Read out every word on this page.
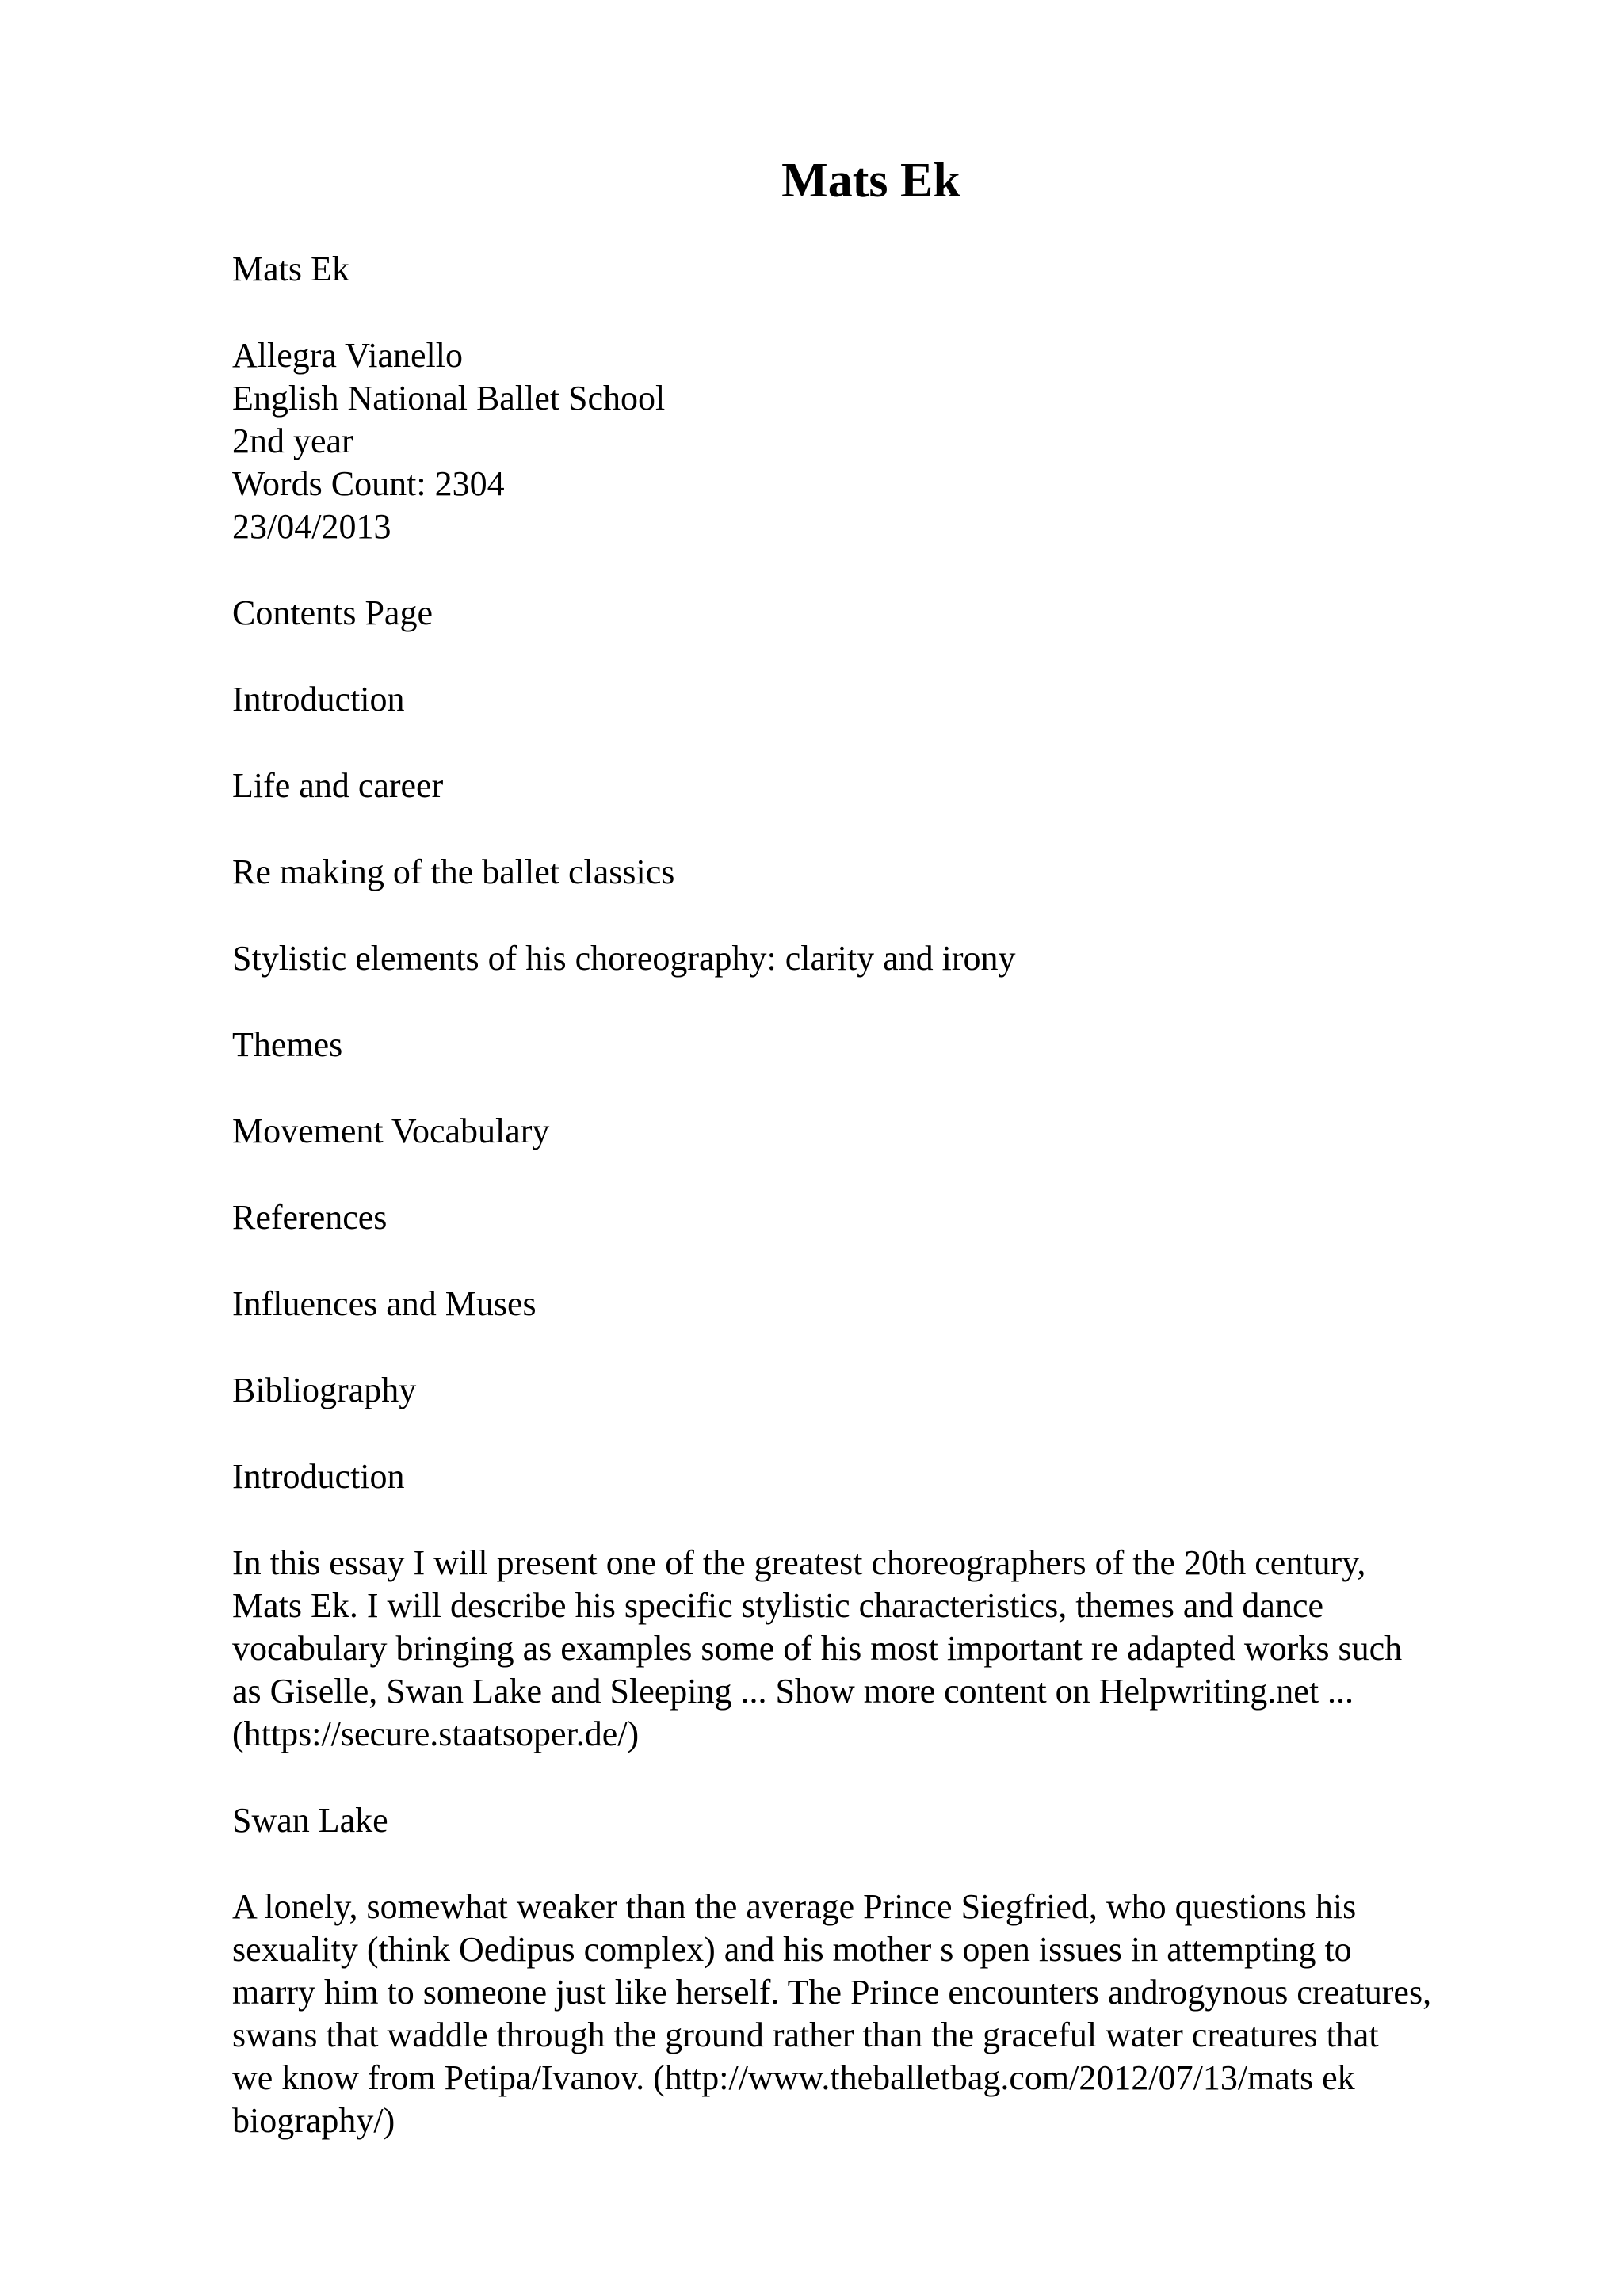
Mats Ek

Mats Ek

Allegra Vianello
English National Ballet School
2nd year
Words Count: 2304
23/04/2013

Contents Page

Introduction

Life and career

Re making of the ballet classics

Stylistic elements of his choreography: clarity and irony

Themes

Movement Vocabulary

References

Influences and Muses

Bibliography

Introduction

In this essay I will present one of the greatest choreographers of the 20th century,
Mats Ek. I will describe his specific stylistic characteristics, themes and dance
vocabulary bringing as examples some of his most important re adapted works such
as Giselle, Swan Lake and Sleeping ... Show more content on Helpwriting.net ...
(https://secure.staatsoper.de/)

Swan Lake

A lonely, somewhat weaker than the average Prince Siegfried, who questions his
sexuality (think Oedipus complex) and his mother s open issues in attempting to
marry him to someone just like herself. The Prince encounters androgynous creatures,
swans that waddle through the ground rather than the graceful water creatures that
we know from Petipa/Ivanov. (http://www.theballetbag.com/2012/07/13/mats ek
biography/)
